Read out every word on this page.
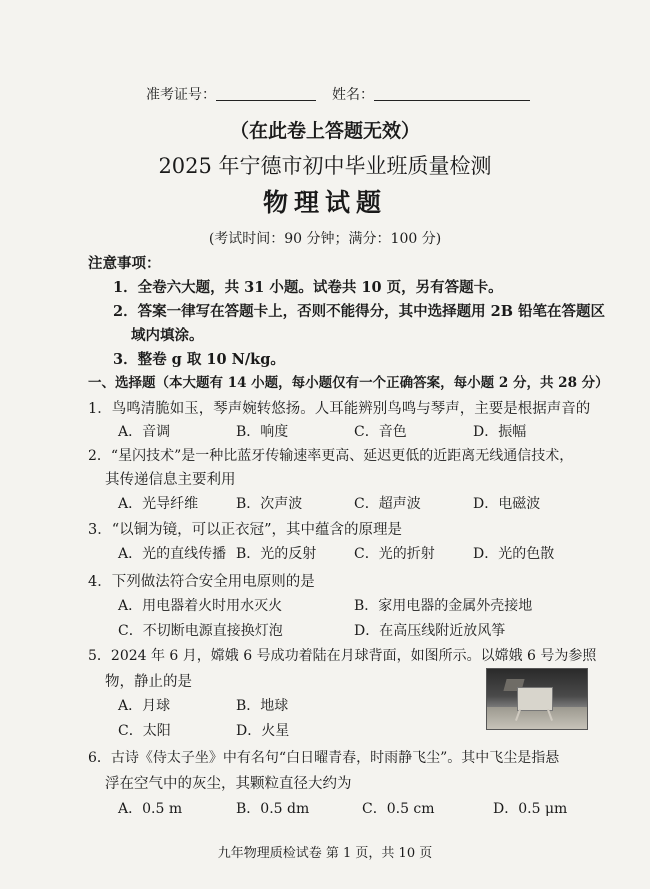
准考证号：	姓名：
（在此卷上答题无效）
2025 年宁德市初中毕业班质量检测
物理试题
(考试时间：90 分钟；满分：100 分)
注意事项：
1．全卷六大题，共 31 小题。试卷共 10 页，另有答题卡。
2．答案一律写在答题卡上，否则不能得分，其中选择题用 2B 铅笔在答题区
域内填涂。
3．整卷 g 取 10 N/kg。
一、选择题（本大题有 14 小题，每小题仅有一个正确答案，每小题 2 分，共 28 分）
1．鸟鸣清脆如玉，琴声婉转悠扬。人耳能辨别鸟鸣与琴声，主要是根据声音的
A．音调	B．响度	C．音色	D．振幅
2．“星闪技术”是一种比蓝牙传输速率更高、延迟更低的近距离无线通信技术，
其传递信息主要利用
A．光导纤维	B．次声波	C．超声波	D．电磁波
3．“以铜为镜，可以正衣冠”，其中蕴含的原理是
A．光的直线传播 B．光的反射	C．光的折射	D．光的色散
4．下列做法符合安全用电原则的是
A．用电器着火时用水灭火	B．家用电器的金属外壳接地
C．不切断电源直接换灯泡	D．在高压线附近放风筝
5．2024 年 6 月，嫦娥 6 号成功着陆在月球背面，如图所示。以嫦娥 6 号为参照
物，静止的是
A．月球	B．地球
C．太阳	D．火星
6．古诗《侍太子坐》中有名句“白日曜青春，时雨静飞尘”。其中飞尘是指悬
浮在空气中的灰尘，其颗粒直径大约为
A．0.5 m	B．0.5 dm	C．0.5 cm	D．0.5 μm
九年物理质检试卷 第 1 页，共 10 页
